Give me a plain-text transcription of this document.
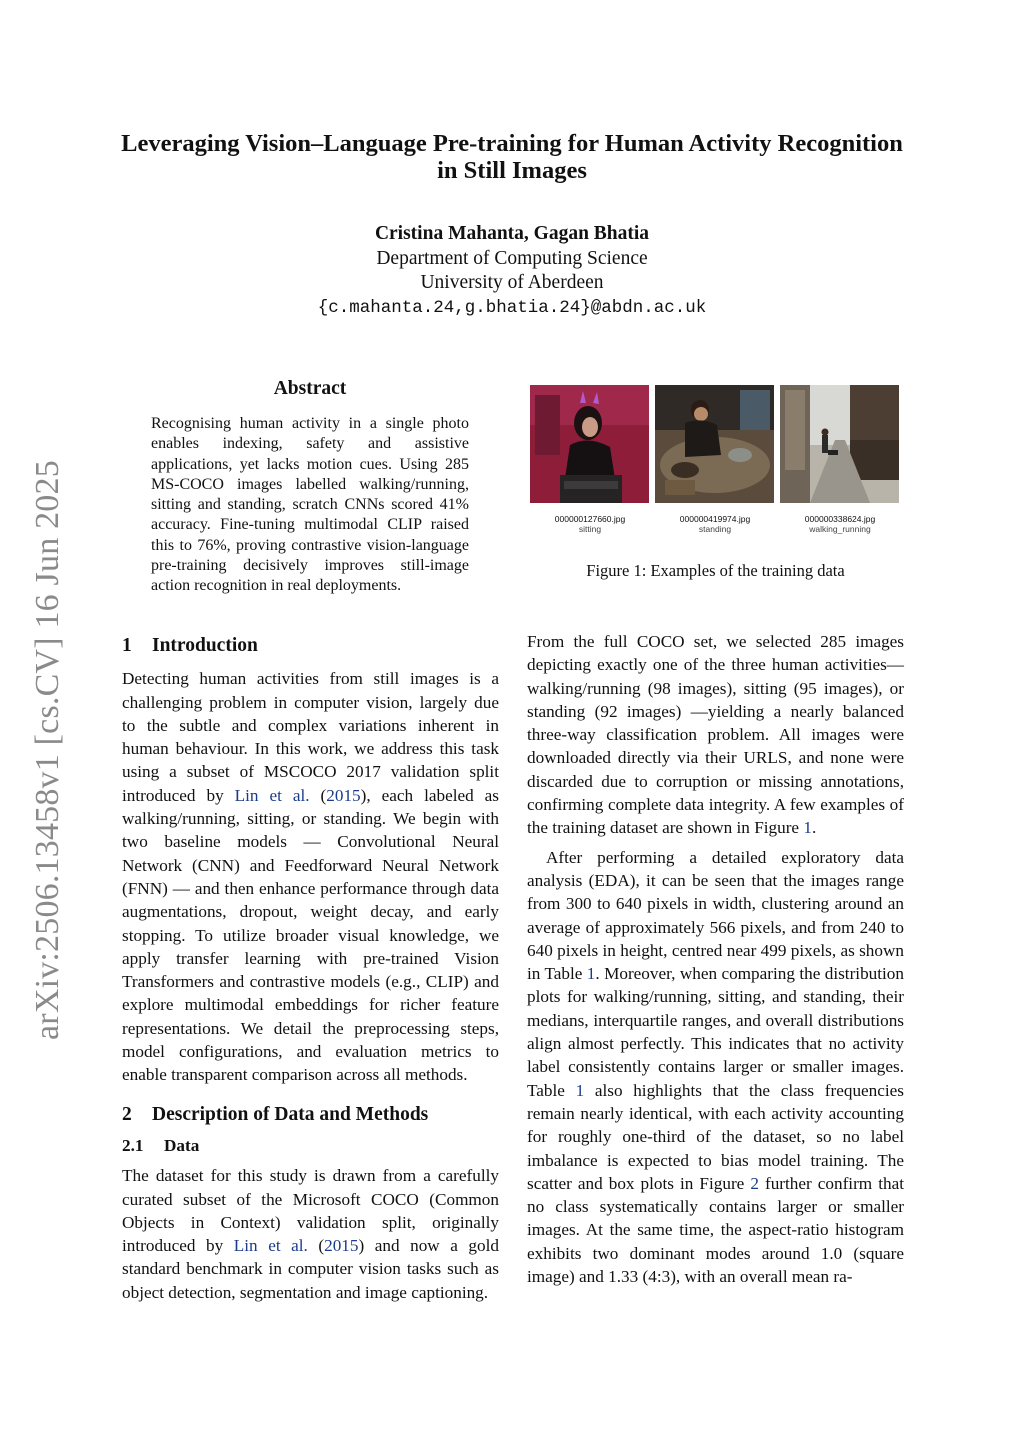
arXiv:2506.13458v1 [cs.CV] 16 Jun 2025
Leveraging Vision–Language Pre-training for Human Activity Recognition
in Still Images
Cristina Mahanta, Gagan Bhatia
Department of Computing Science
University of Aberdeen
{c.mahanta.24,g.bhatia.24}@abdn.ac.uk
Abstract
Recognising human activity in a single photo enables indexing, safety and assistive applications, yet lacks motion cues. Using 285 MS-COCO images labelled walking/running, sitting and standing, scratch CNNs scored 41% accuracy. Fine-tuning multimodal CLIP raised this to 76%, proving contrastive vision-language pre-training decisively improves still-image action recognition in real deployments.
000000127660.jpg
sitting
000000419974.jpg
standing
000000338624.jpg
walking_running
Figure 1: Examples of the training data
1 Introduction

Detecting human activities from still images is a challenging problem in computer vision, largely due to the subtle and complex variations inherent in human behaviour. In this work, we address this task using a subset of MSCOCO 2017 validation split introduced by Lin et al. (2015), each labeled as walking/running, sitting, or standing. We begin with two baseline models — Convolutional Neural Network (CNN) and Feedforward Neural Network (FNN) — and then enhance performance through data augmentations, dropout, weight decay, and early stopping. To utilize broader visual knowledge, we apply transfer learning with pre-trained Vision Transformers and contrastive models (e.g., CLIP) and explore multimodal embeddings for richer feature representations. We detail the preprocessing steps, model configurations, and evaluation metrics to enable transparent comparison across all methods.

2 Description of Data and Methods
2.1 Data

The dataset for this study is drawn from a carefully curated subset of the Microsoft COCO (Common Objects in Context) validation split, originally introduced by Lin et al. (2015) and now a gold standard benchmark in computer vision tasks such as object detection, segmentation and image captioning.

From the full COCO set, we selected 285 images depicting exactly one of the three human activities—walking/running (98 images), sitting (95 images), or standing (92 images) —yielding a nearly balanced three-way classification problem. All images were downloaded directly via their URLS, and none were discarded due to corruption or missing annotations, confirming complete data integrity. A few examples of the training dataset are shown in Figure 1.

After performing a detailed exploratory data analysis (EDA), it can be seen that the images range from 300 to 640 pixels in width, clustering around an average of approximately 566 pixels, and from 240 to 640 pixels in height, centred near 499 pixels, as shown in Table 1. Moreover, when comparing the distribution plots for walking/running, sitting, and standing, their medians, interquartile ranges, and overall distributions align almost perfectly. This indicates that no activity label consistently contains larger or smaller images. Table 1 also highlights that the class frequencies remain nearly identical, with each activity accounting for roughly one-third of the dataset, so no label imbalance is expected to bias model training. The scatter and box plots in Figure 2 further confirm that no class systematically contains larger or smaller images. At the same time, the aspect-ratio histogram exhibits two dominant modes around 1.0 (square image) and 1.33 (4:3), with an overall mean ra-
